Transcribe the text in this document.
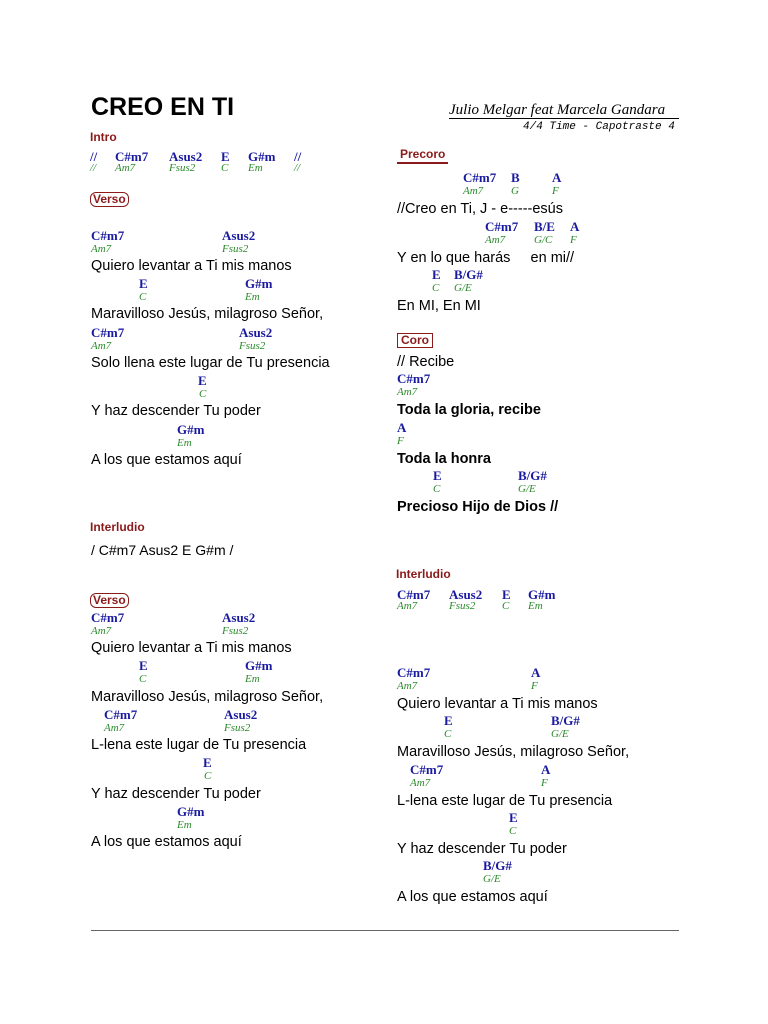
CREO EN TI	Julio Melgar feat Marcela Gandara
4/4 Time - Capotraste 4
Intro
// C#m7 Asus2 E G#m //
// Am7	Fsus2 C Em	//
Verso
C#m7	Asus2
Am7	Fsus2
Quiero levantar a Ti mis manos
E	G#m
C	Em
Maravilloso Jesús, milagroso Señor,
C#m7	Asus2
Am7	Fsus2
Solo llena este lugar de Tu presencia
E
C
Y haz descender Tu poder
G#m
Em
A los que estamos aquí
Interludio
/ C#m7 Asus2 E G#m /
Verso
C#m7	Asus2
Am7	Fsus2
Quiero levantar a Ti mis manos
E	G#m
C	Em
Maravilloso Jesús, milagroso Señor,
C#m7	Asus2
Am7	Fsus2
L-lena este lugar de Tu presencia
E
C
Y haz descender Tu poder
G#m
Em
A los que estamos aquí
Precoro
C#m7 B A
Am7	G	F
//Creo en Ti, J - e-----esús
C#m7 B/E A
Am7	G/C F
Y en lo que harás     en mi//
E B/G#
C G/E
En MI, En MI
Coro
// Recibe
C#m7
Am7
Toda la gloria, recibe
A
F
Toda la honra
E	B/G#
C	G/E
Precioso Hijo de Dios //
Interludio
C#m7 Asus2 E G#m
Am7	Fsus2 C Em
C#m7	A
Am7	F
Quiero levantar a Ti mis manos
E	B/G#
C	G/E
Maravilloso Jesús, milagroso Señor,
C#m7	A
Am7	F
L-lena este lugar de Tu presencia
E
C
Y haz descender Tu poder
B/G#
G/E
A los que estamos aquí
